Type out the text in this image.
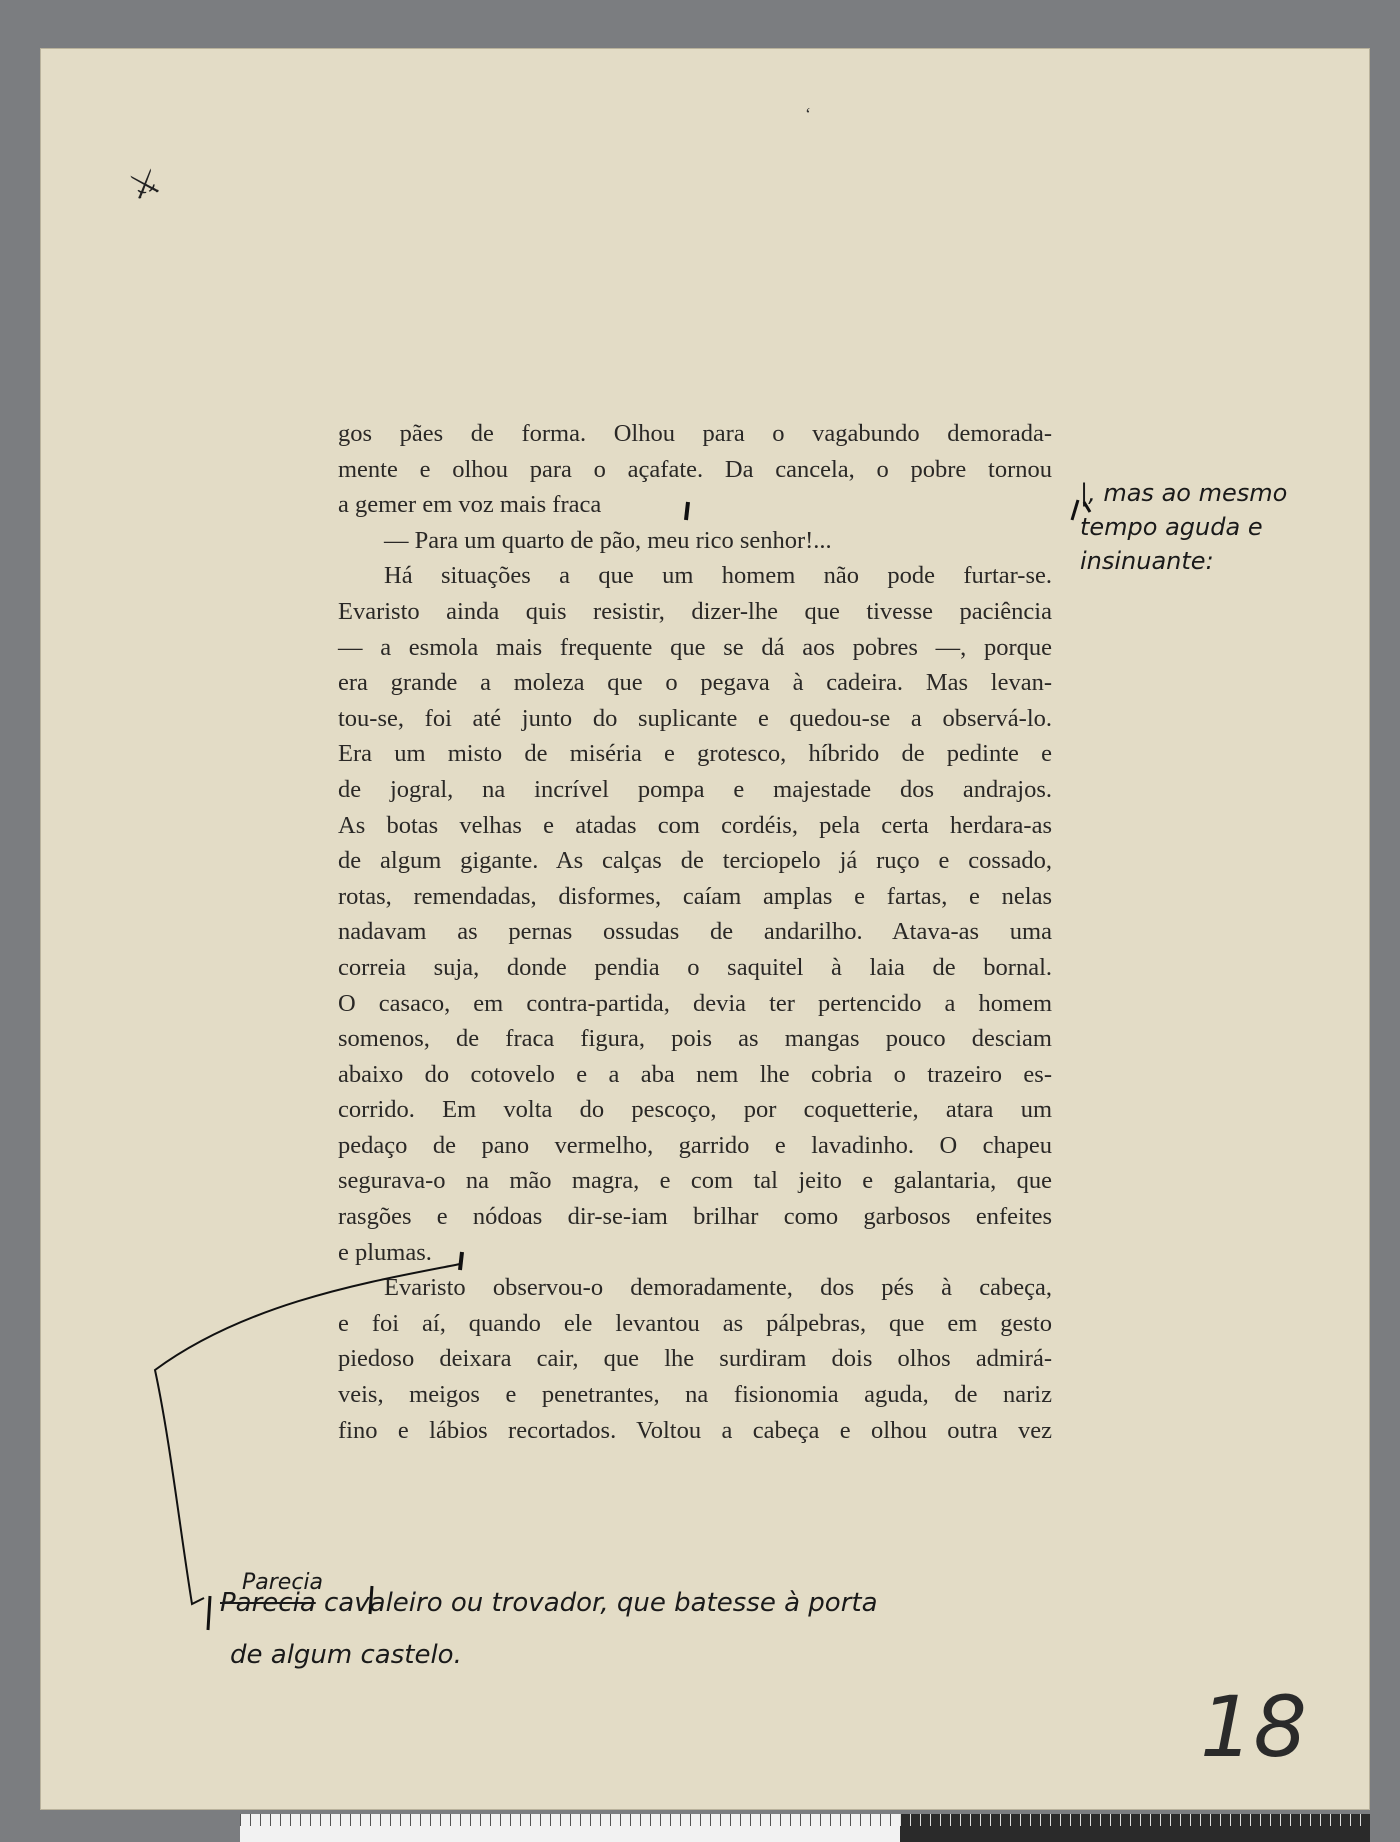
‘
⚔
gos pães de forma. Olhou para o vagabundo demorada-
mente e olhou para o açafate. Da cancela, o pobre tornou
a gemer em voz mais fraca
— Para um quarto de pão, meu rico senhor!...
Há situações a que um homem não pode furtar-se.
Evaristo ainda quis resistir, dizer-lhe que tivesse paciência
— a esmola mais frequente que se dá aos pobres —, porque
era grande a moleza que o pegava à cadeira. Mas levan-
tou-se, foi até junto do suplicante e quedou-se a observá-lo.
Era um misto de miséria e grotesco, híbrido de pedinte e
de jogral, na incrível pompa e majestade dos andrajos.
As botas velhas e atadas com cordéis, pela certa herdara-as
de algum gigante. As calças de terciopelo já ruço e cossado,
rotas, remendadas, disformes, caíam amplas e fartas, e nelas
nadavam as pernas ossudas de andarilho. Atava-as uma
correia suja, donde pendia o saquitel à laia de bornal.
O casaco, em contra-partida, devia ter pertencido a homem
somenos, de fraca figura, pois as mangas pouco desciam
abaixo do cotovelo e a aba nem lhe cobria o trazeiro es-
corrido. Em volta do pescoço, por coquetterie, atara um
pedaço de pano vermelho, garrido e lavadinho. O chapeu
segurava-o na mão magra, e com tal jeito e galantaria, que
rasgões e nódoas dir-se-iam brilhar como garbosos enfeites
e plumas.
Evaristo observou-o demoradamente, dos pés à cabeça,
e foi aí, quando ele levantou as pálpebras, que em gesto
piedoso deixara cair, que lhe surdiram dois olhos admirá-
veis, meigos e penetrantes, na fisionomia aguda, de nariz
fino e lábios recortados. Voltou a cabeça e olhou outra vez
|, mas ao mesmo
tempo aguda e
insinuante:
Parecia
Parecia cavaleiro ou trovador, que batesse à porta
de algum castelo.
18
